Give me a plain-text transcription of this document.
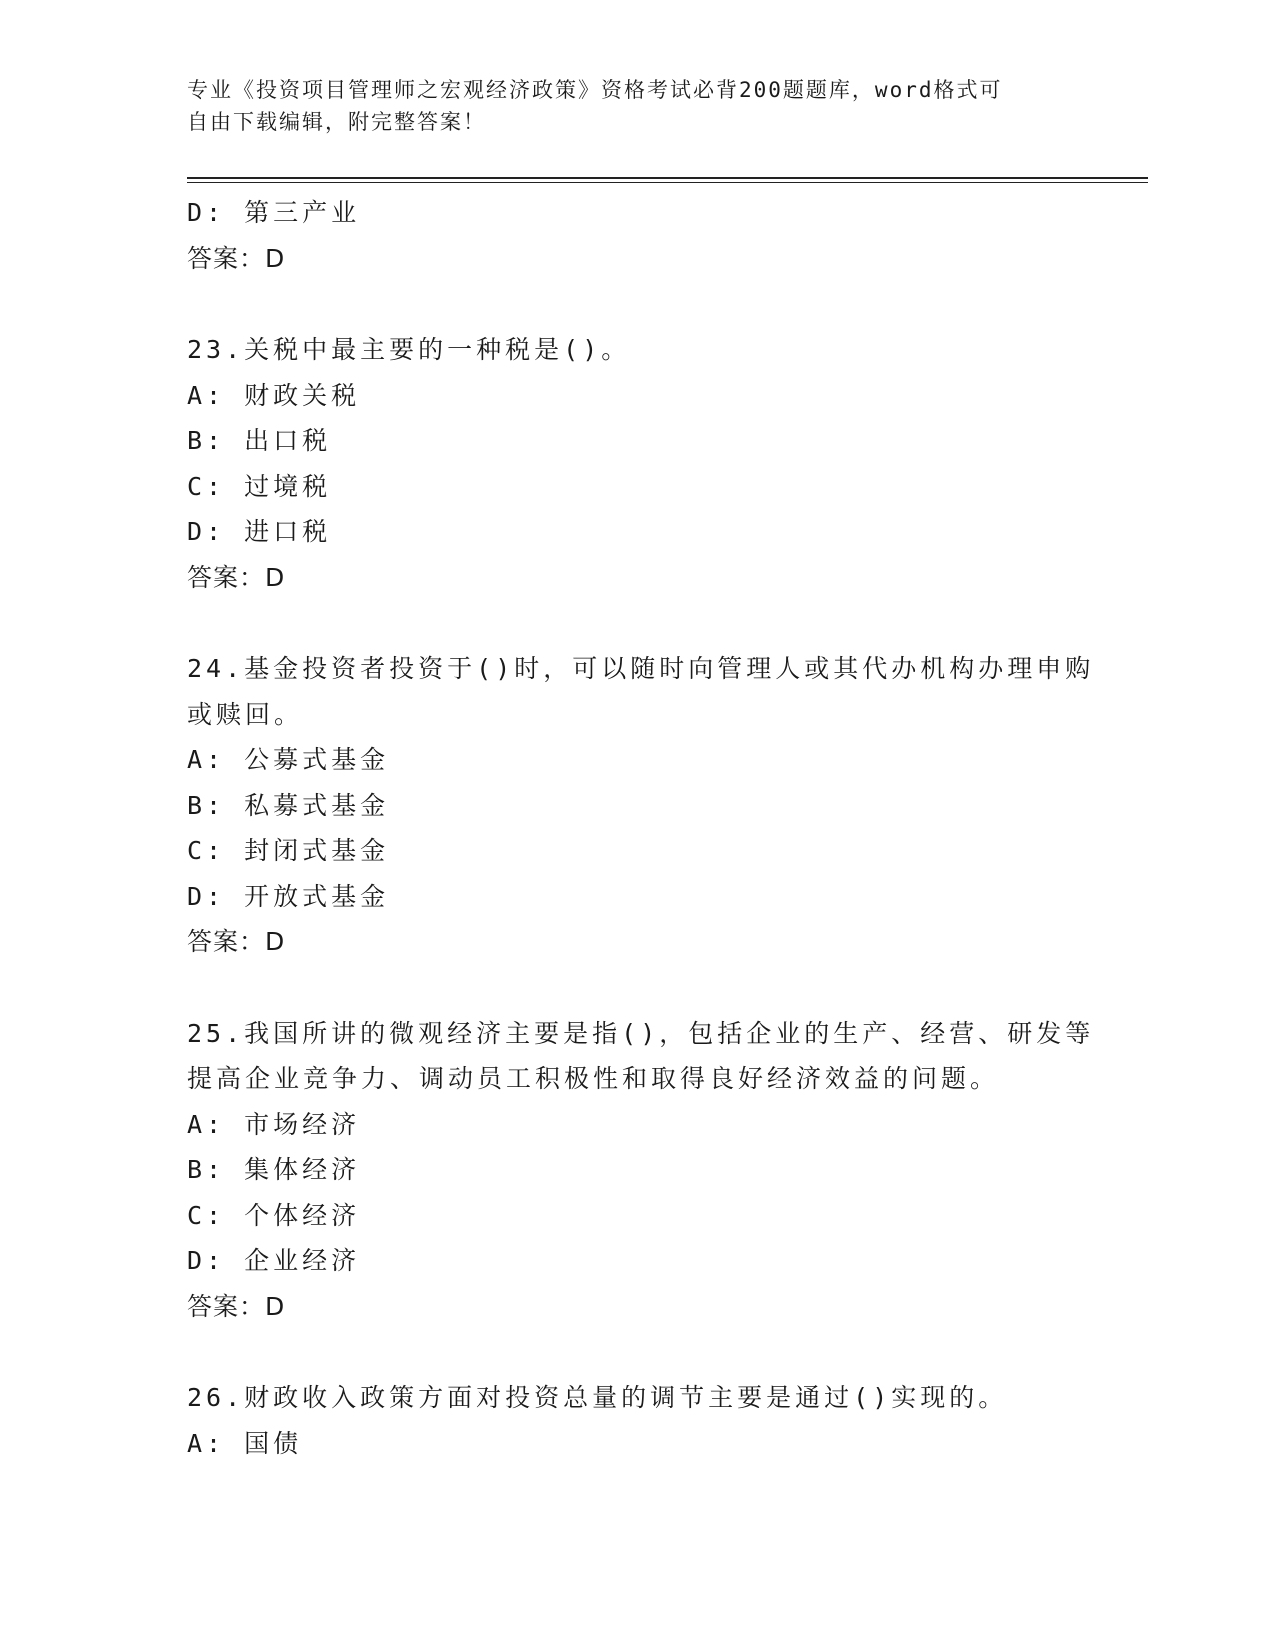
专业《投资项目管理师之宏观经济政策》资格考试必背200题题库，word格式可
自由下载编辑，附完整答案！
D: 第三产业
答案：D
23.关税中最主要的一种税是()。
A: 财政关税
B: 出口税
C: 过境税
D: 进口税
答案：D
24.基金投资者投资于()时，可以随时向管理人或其代办机构办理申购
或赎回。
A: 公募式基金
B: 私募式基金
C: 封闭式基金
D: 开放式基金
答案：D
25.我国所讲的微观经济主要是指()，包括企业的生产、经营、研发等
提高企业竞争力、调动员工积极性和取得良好经济效益的问题。
A: 市场经济
B: 集体经济
C: 个体经济
D: 企业经济
答案：D
26.财政收入政策方面对投资总量的调节主要是通过()实现的。
A: 国债
